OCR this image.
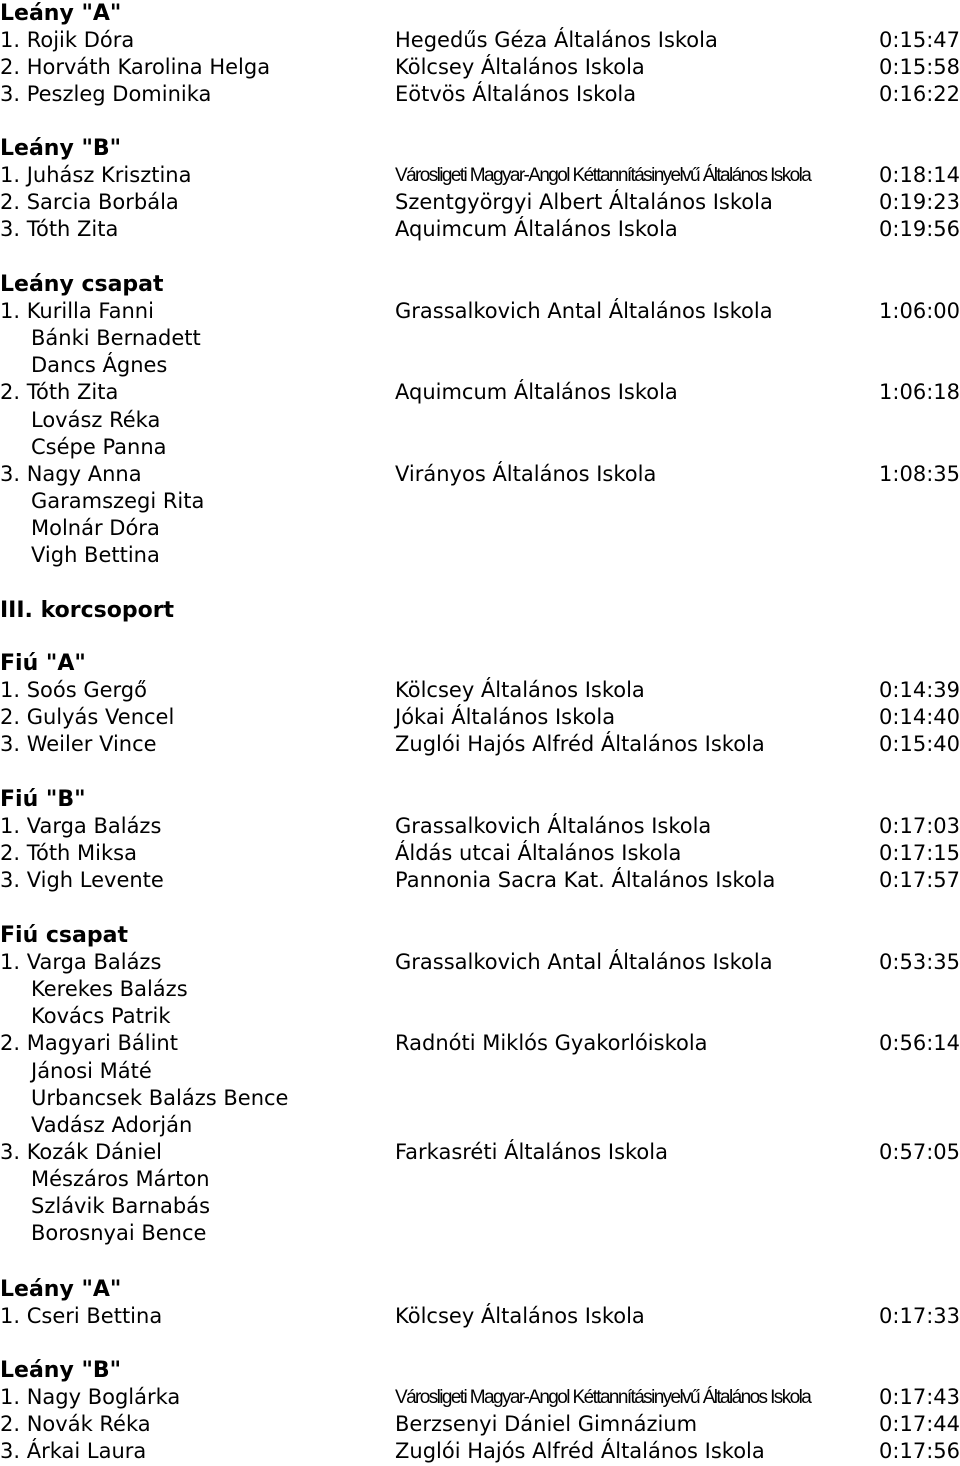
Leány "A"
1. Rojik Dóra	Hegedűs Géza Általános Iskola	0:15:47
2. Horváth Karolina Helga	Kölcsey Általános Iskola	0:15:58
3. Peszleg Dominika	Eötvös Általános Iskola	0:16:22
Leány "B"
1. Juhász Krisztina	Városligeti Magyar-Angol Kéttannításinyelvű Általános Iskola	0:18:14
2. Sarcia Borbála	Szentgyörgyi Albert Általános Iskola	0:19:23
3. Tóth Zita	Aquimcum Általános Iskola	0:19:56
Leány csapat
1. Kurilla Fanni	Grassalkovich Antal Általános Iskola	1:06:00
Bánki Bernadett
Dancs Ágnes
2. Tóth Zita	Aquimcum Általános Iskola	1:06:18
Lovász Réka
Csépe Panna
3. Nagy Anna	Virányos Általános Iskola	1:08:35
Garamszegi Rita
Molnár Dóra
Vigh Bettina
III. korcsoport
Fiú "A"
1. Soós Gergő	Kölcsey Általános Iskola	0:14:39
2. Gulyás Vencel	Jókai Általános Iskola	0:14:40
3. Weiler Vince	Zuglói Hajós Alfréd Általános Iskola	0:15:40
Fiú "B"
1. Varga Balázs	Grassalkovich Általános Iskola	0:17:03
2. Tóth Miksa	Áldás utcai Általános Iskola	0:17:15
3. Vigh Levente	Pannonia Sacra Kat. Általános Iskola	0:17:57
Fiú csapat
1. Varga Balázs	Grassalkovich Antal Általános Iskola	0:53:35
Kerekes Balázs
Kovács Patrik
2. Magyari Bálint	Radnóti Miklós Gyakorlóiskola	0:56:14
Jánosi Máté
Urbancsek Balázs Bence
Vadász Adorján
3. Kozák Dániel	Farkasréti Általános Iskola	0:57:05
Mészáros Márton
Szlávik Barnabás
Borosnyai Bence
Leány "A"
1. Cseri Bettina	Kölcsey Általános Iskola	0:17:33
Leány "B"
1. Nagy Boglárka	Városligeti Magyar-Angol Kéttannításinyelvű Általános Iskola	0:17:43
2. Novák Réka	Berzsenyi Dániel Gimnázium	0:17:44
3. Árkai Laura	Zuglói Hajós Alfréd Általános Iskola	0:17:56
